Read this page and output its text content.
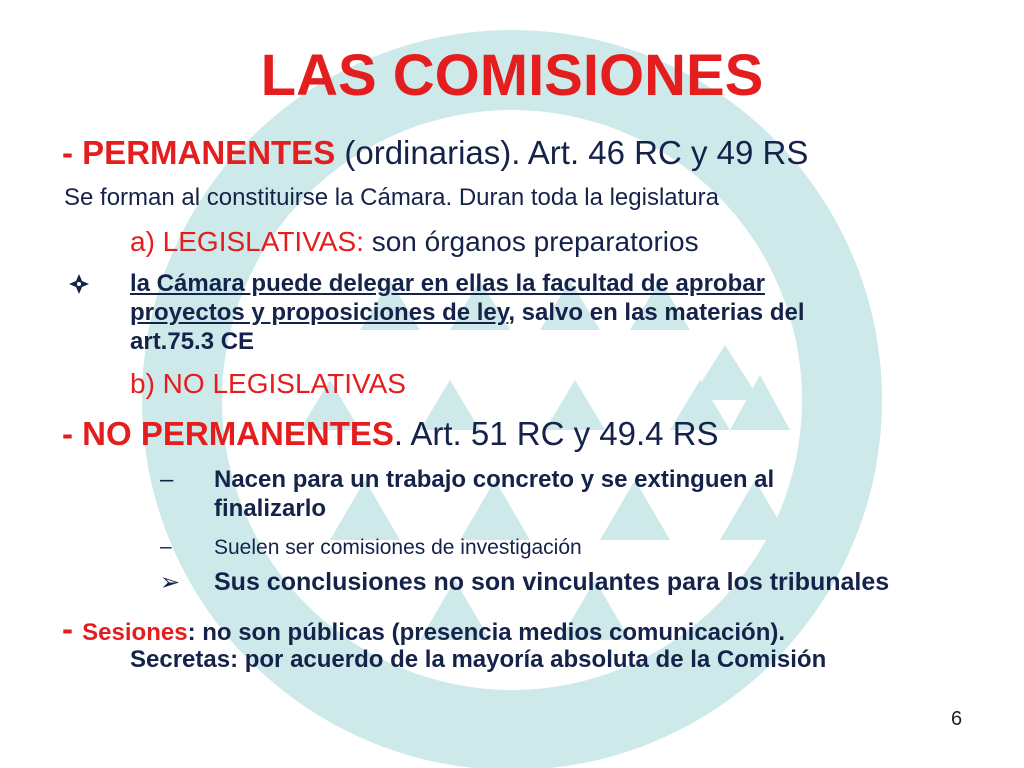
LAS COMISIONES
- PERMANENTES (ordinarias). Art. 46 RC y 49 RS
Se forman al constituirse la Cámara. Duran toda la legislatura
a) LEGISLATIVAS: son órganos preparatorios
la Cámara puede delegar en ellas la facultad de aprobar
proyectos y proposiciones de ley, salvo en las materias del
art.75.3 CE
b) NO LEGISLATIVAS
- NO PERMANENTES. Art. 51 RC y 49.4 RS
– Nacen para un trabajo concreto y se extinguen al
finalizarlo
– Suelen ser comisiones de investigación
➢ Sus conclusiones no son vinculantes para los tribunales
- Sesiones: no son públicas (presencia medios comunicación).
Secretas: por acuerdo de la mayoría absoluta de la Comisión
6
